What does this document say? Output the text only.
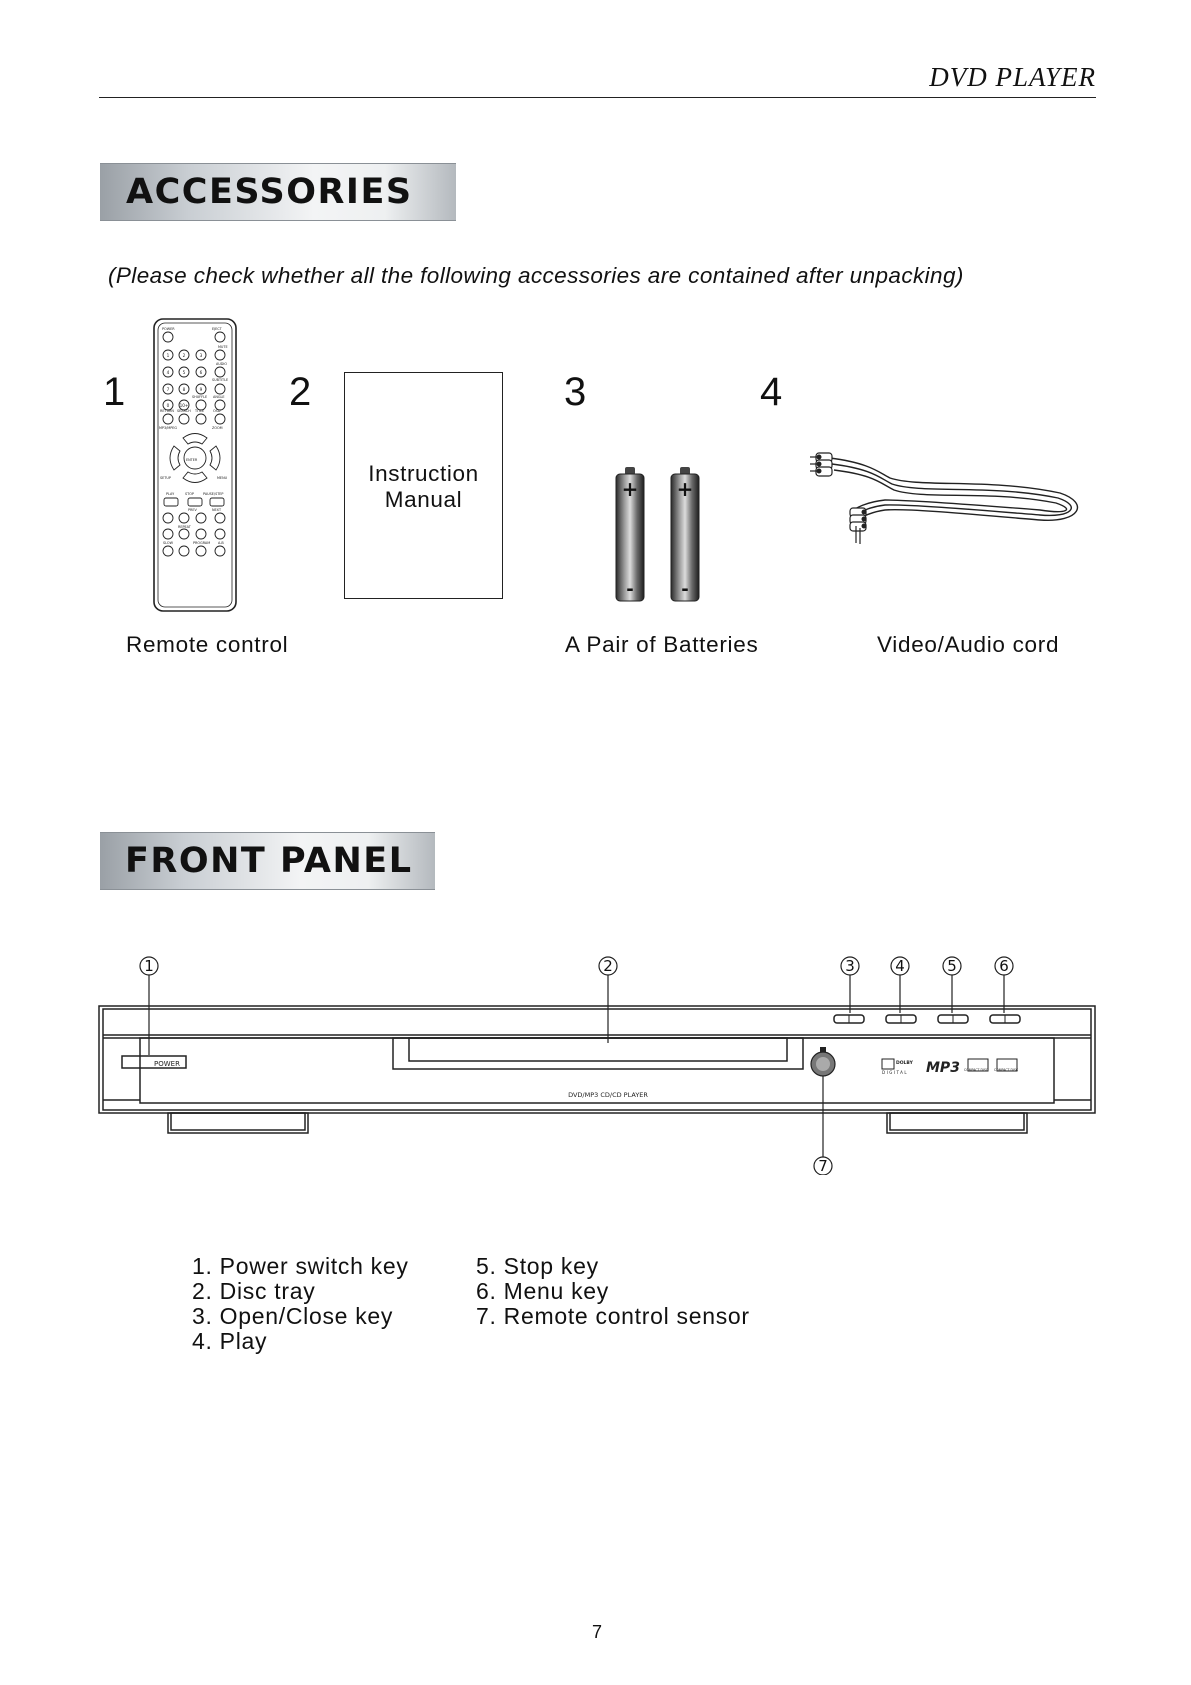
DVD PLAYER
ACCESSORIES
(Please check whether all the following accessories are contained after unpacking)
1	2	3	4
POWER	EJECT
MUTE
AUDIO
SUBTITLE
SHUFFLE ANGLE
RETURN SEARCH TITLE	OSD
MP3/MPEG	ZOOM
ENTER
SETUP	MENU
PLAY	STOP	PAUSE/STEP
PREV	NEXT
REPEAT
SLOW	PROGRAM A-B
1	2	3
4	5	6
7	8	9
0 10+
Instruction
Manual	+
-
+
-
Remote control	A Pair of Batteries	Video/Audio cord
FRONT PANEL
1	2	3	4	5	6
7
POWER
DVD/MP3 CD/CD PLAYER
DOLBY
DIGITAL MP3 COMPACT DISC COMPACT DISC
1. Power switch key
2. Disc tray
3. Open/Close key
4. Play
5. Stop key
6. Menu key
7. Remote control sensor
7
